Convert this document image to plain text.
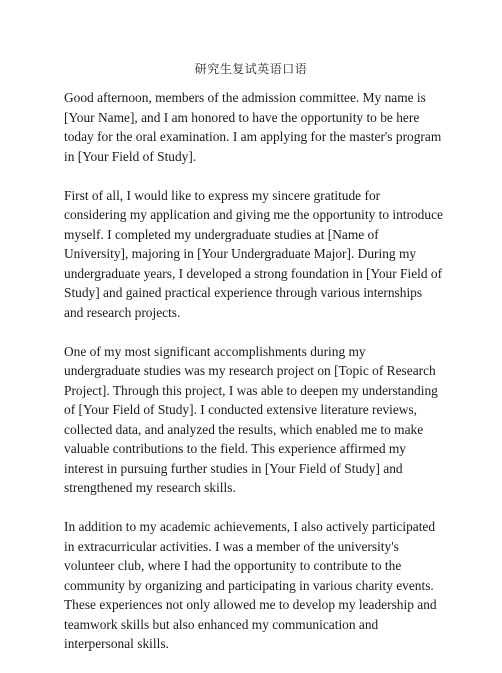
研究生复试英语口语

Good afternoon, members of the admission committee. My name is [Your Name], and I am honored to have the opportunity to be here today for the oral examination. I am applying for the master's program in [Your Field of Study].

First of all, I would like to express my sincere gratitude for considering my application and giving me the opportunity to introduce myself. I completed my undergraduate studies at [Name of University], majoring in [Your Undergraduate Major]. During my undergraduate years, I developed a strong foundation in [Your Field of Study] and gained practical experience through various internships and research projects.

One of my most significant accomplishments during my undergraduate studies was my research project on [Topic of Research Project]. Through this project, I was able to deepen my understanding of [Your Field of Study]. I conducted extensive literature reviews, collected data, and analyzed the results, which enabled me to make valuable contributions to the field. This experience affirmed my interest in pursuing further studies in [Your Field of Study] and strengthened my research skills.

In addition to my academic achievements, I also actively participated in extracurricular activities. I was a member of the university's volunteer club, where I had the opportunity to contribute to the community by organizing and participating in various charity events. These experiences not only allowed me to develop my leadership and teamwork skills but also enhanced my communication and interpersonal skills.
